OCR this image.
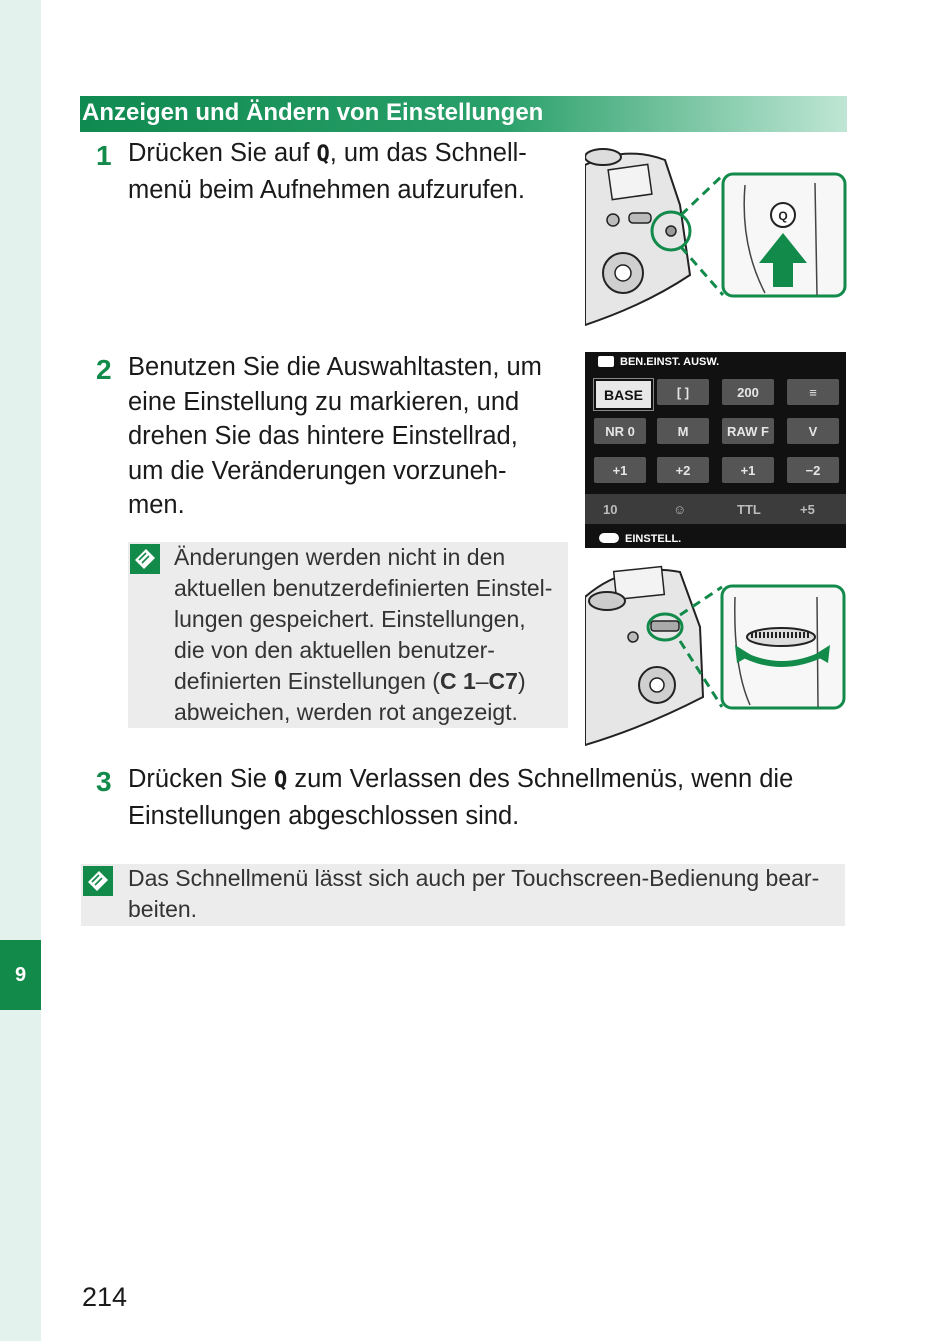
9
Anzeigen und Ändern von Einstellungen
1 Drücken Sie auf Q, um das Schnell-
menü beim Aufnehmen aufzurufen.
Q
2 Benutzen Sie die Auswahltasten, um
eine Einstellung zu markieren, und
drehen Sie das hintere Einstellrad,
um die Veränderungen vorzuneh-
men.
BEN.EINST. AUSW.
BASE	[ ]	200	≡
NR 0	M	RAW F	V
+1	+2	+1	−2
10	☺	TTL	+5
EINSTELL.
Änderungen werden nicht in den
aktuellen benutzerdefinierten Einstel-
lungen gespeichert. Einstellungen,
die von den aktuellen benutzer-
definierten Einstellungen (C 1–C7)
abweichen, werden rot angezeigt.
3 Drücken Sie Q zum Verlassen des Schnellmenüs, wenn die
Einstellungen abgeschlossen sind.
Das Schnellmenü lässt sich auch per Touchscreen-Bedienung bear-
beiten.
214
